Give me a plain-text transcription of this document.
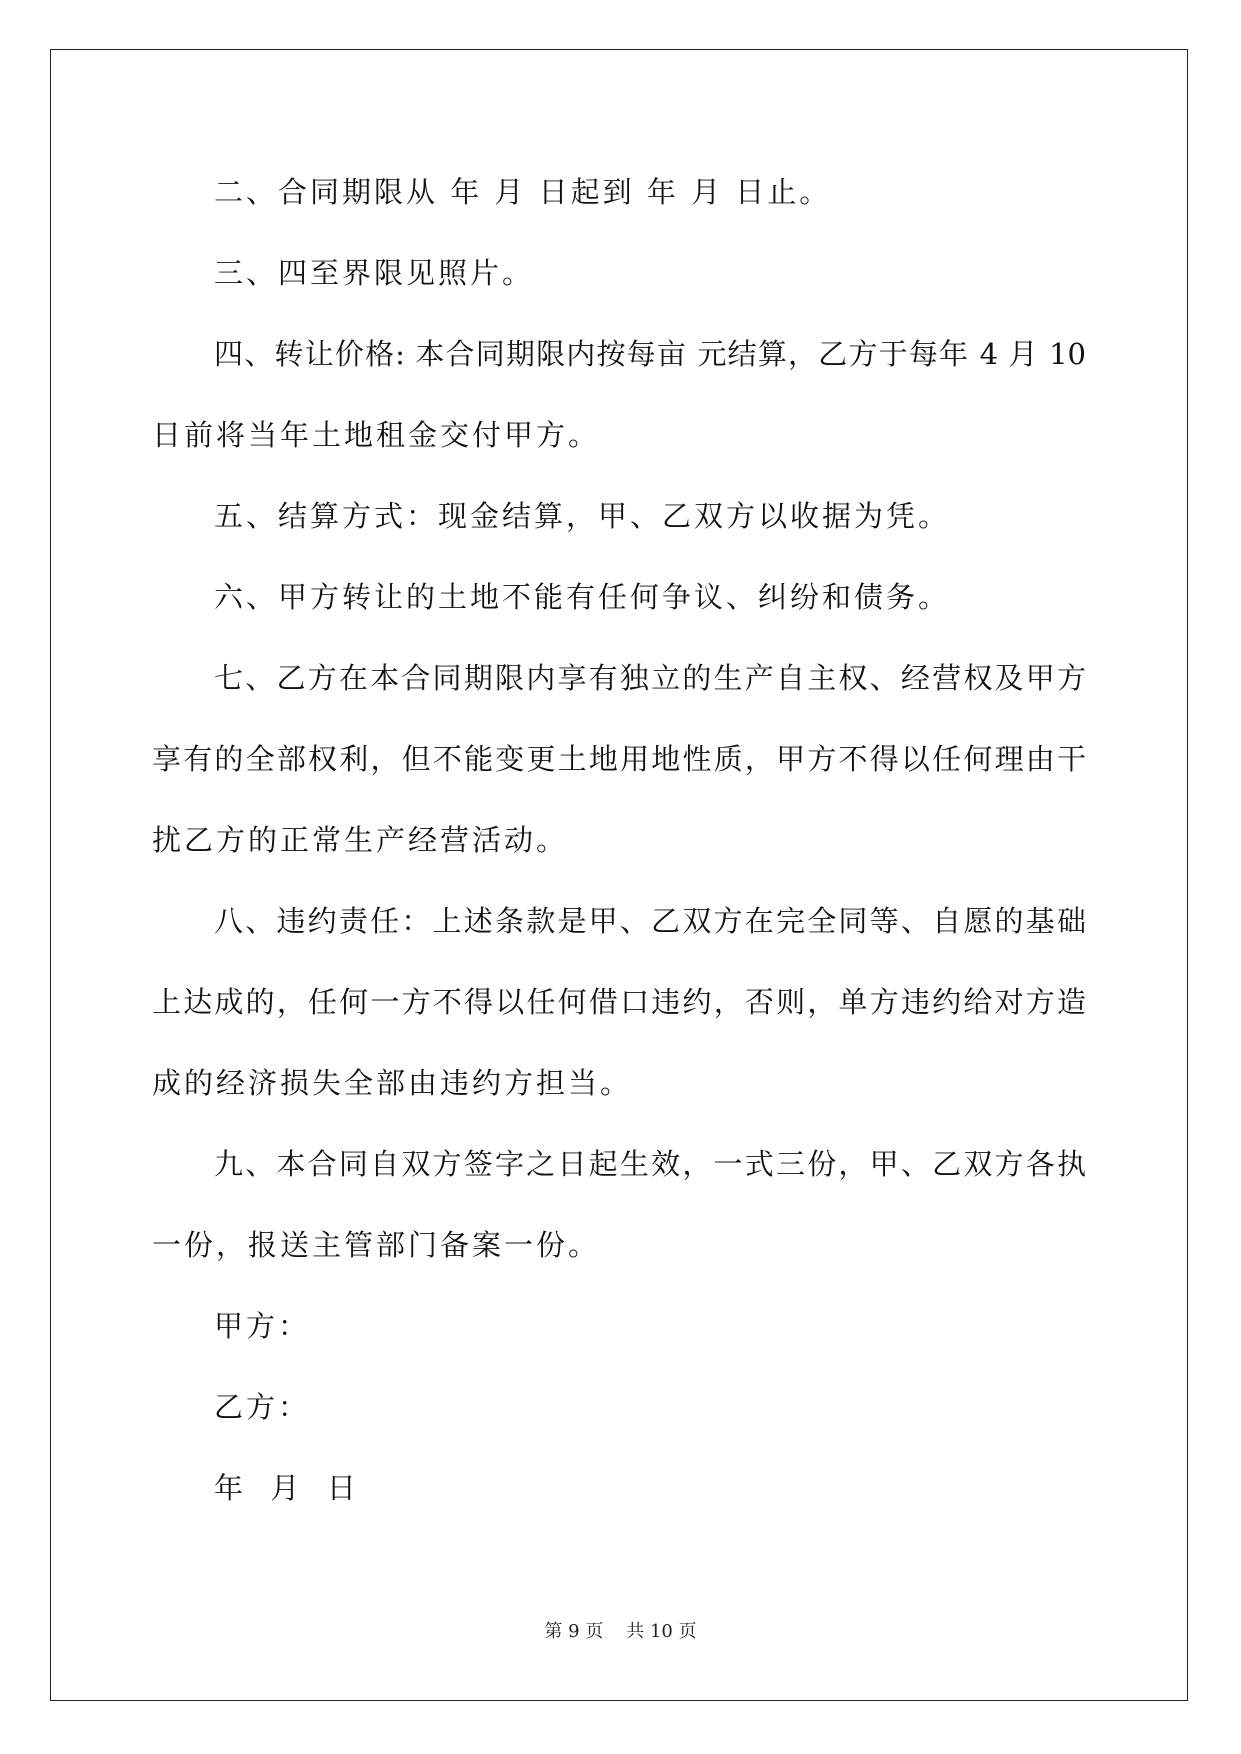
二、合同期限从 年 月 日起到 年 月 日止。
三、四至界限见照片。
四、转让价格: 本合同期限内按每亩 元结算，乙方于每年 4 月 10
日前将当年土地租金交付甲方。
五、结算方式：现金结算，甲、乙双方以收据为凭。
六、甲方转让的土地不能有任何争议、纠纷和债务。
七、乙方在本合同期限内享有独立的生产自主权、经营权及甲方
享有的全部权利，但不能变更土地用地性质，甲方不得以任何理由干
扰乙方的正常生产经营活动。
八、违约责任：上述条款是甲、乙双方在完全同等、自愿的基础
上达成的，任何一方不得以任何借口违约，否则，单方违约给对方造
成的经济损失全部由违约方担当。
九、本合同自双方签字之日起生效，一式三份，甲、乙双方各执
一份，报送主管部门备案一份。
甲方：
乙方：
年  月  日
第 9 页 共 10 页
